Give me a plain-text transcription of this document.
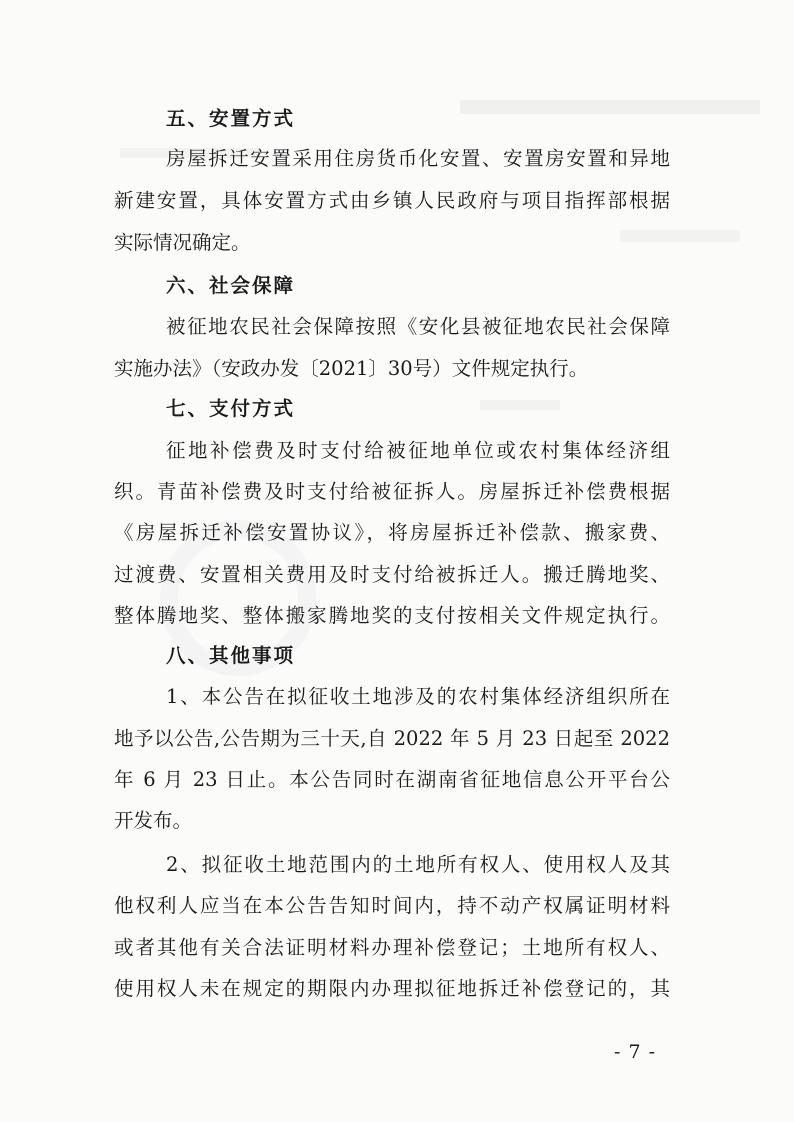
五、安置方式
房屋拆迁安置采用住房货币化安置、安置房安置和异地
新建安置，具体安置方式由乡镇人民政府与项目指挥部根据
实际情况确定。
六、社会保障
被征地农民社会保障按照《安化县被征地农民社会保障
实施办法》（安政办发〔2021〕30号）文件规定执行。
七、支付方式
征地补偿费及时支付给被征地单位或农村集体经济组
织。青苗补偿费及时支付给被征拆人。房屋拆迁补偿费根据
《房屋拆迁补偿安置协议》，将房屋拆迁补偿款、搬家费、
过渡费、安置相关费用及时支付给被拆迁人。搬迁腾地奖、
整体腾地奖、整体搬家腾地奖的支付按相关文件规定执行。
八、其他事项
1、本公告在拟征收土地涉及的农村集体经济组织所在
地予以公告,公告期为三十天,自 2022 年 5 月 23 日起至 2022
年 6 月 23 日止。本公告同时在湖南省征地信息公开平台公
开发布。
2、拟征收土地范围内的土地所有权人、使用权人及其
他权利人应当在本公告告知时间内，持不动产权属证明材料
或者其他有关合法证明材料办理补偿登记；土地所有权人、
使用权人未在规定的期限内办理拟征地拆迁补偿登记的，其
- 7 -
